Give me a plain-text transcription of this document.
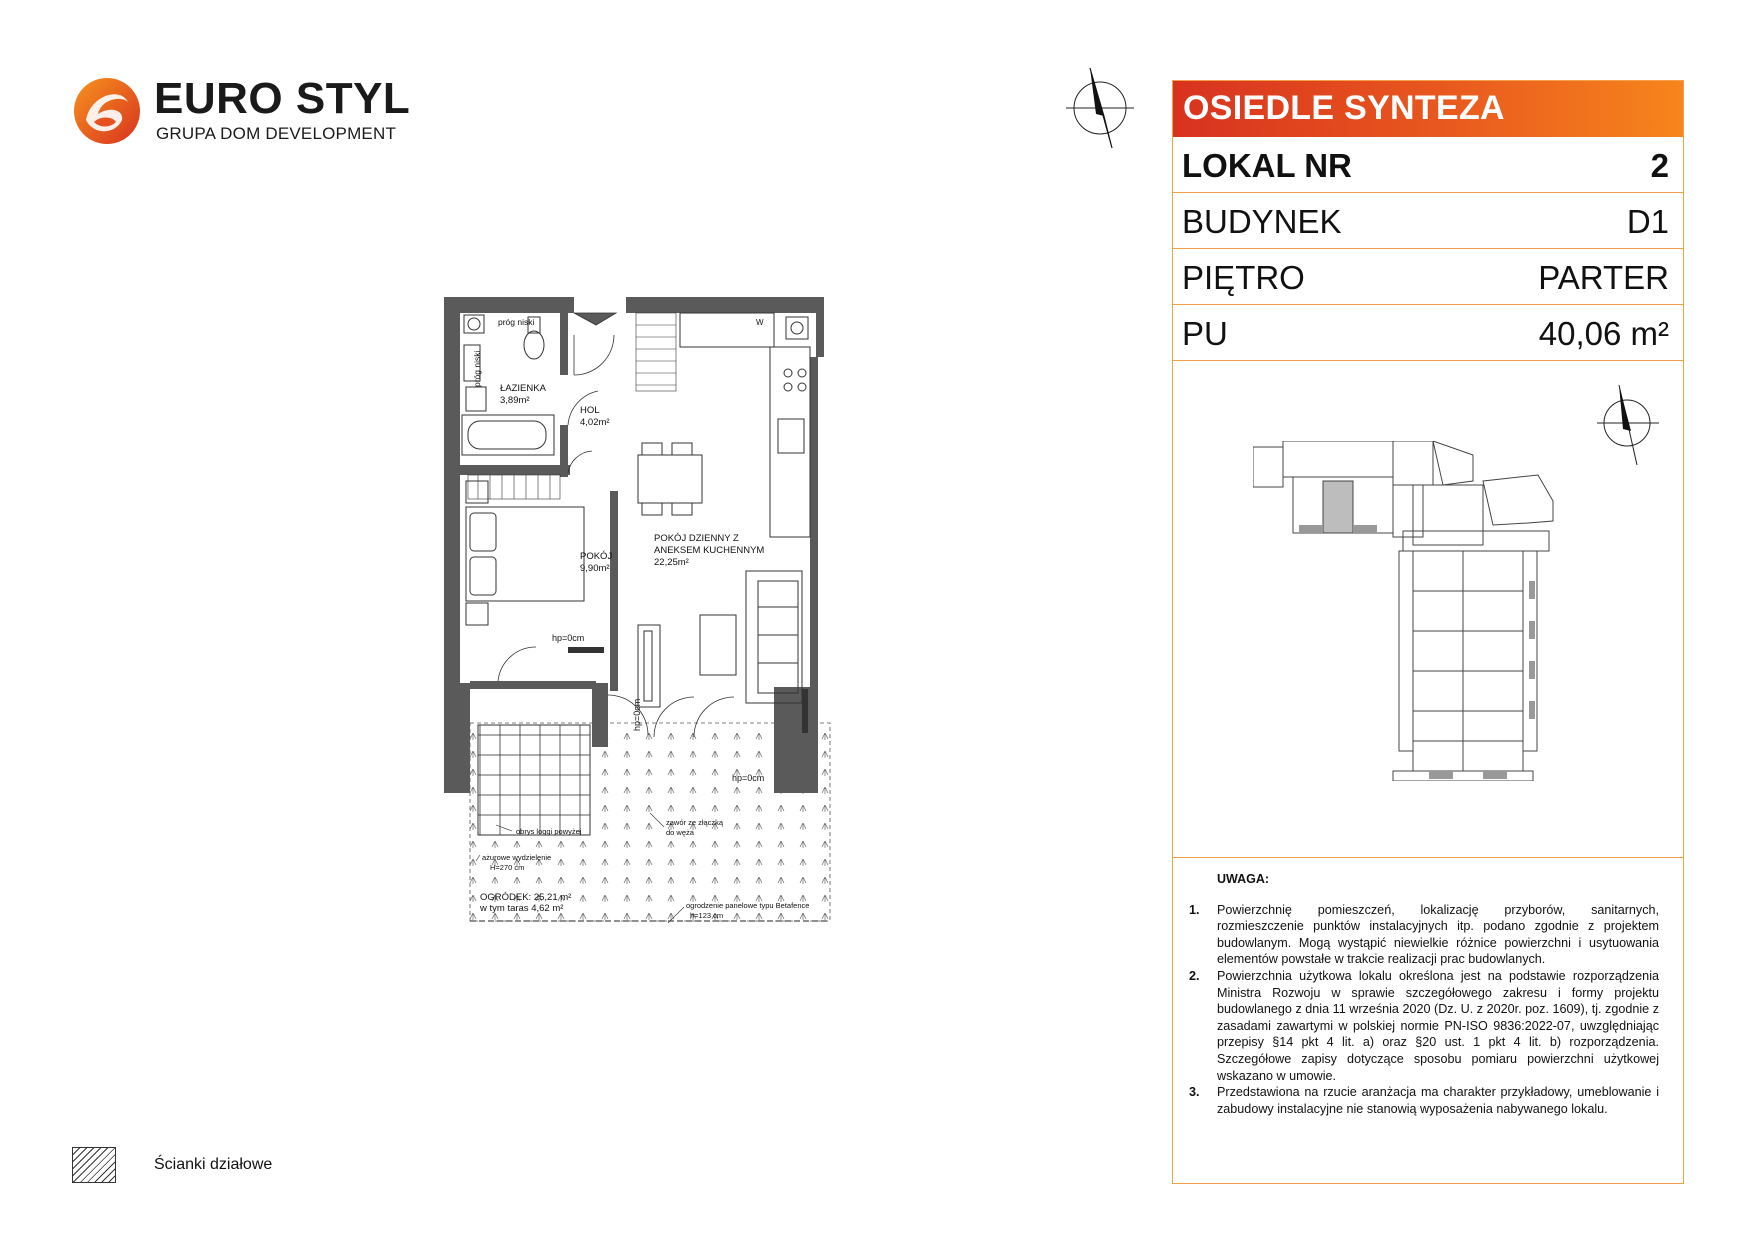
EURO STYL
GRUPA DOM DEVELOPMENT
OSIEDLE SYNTEZA
LOKAL NR	2
BUDYNEK	D1
PIĘTRO	PARTER
PU	40,06 m²
UWAGA:
1. Powierzchnię pomieszczeń, lokalizację przyborów, sanitarnych, rozmieszczenie punktów instalacyjnych itp. podano zgodnie z projektem budowlanym. Mogą wystąpić niewielkie różnice powierzchni i usytuowania elementów powstałe w trakcie realizacji prac budowlanych.
2. Powierzchnia użytkowa lokalu określona jest na podstawie rozporządzenia Ministra Rozwoju w sprawie szczegółowego zakresu i formy projektu budowlanego z dnia 11 września 2020 (Dz. U. z 2020r. poz. 1609), tj. zgodnie z zasadami zawartymi w polskiej normie PN-ISO 9836:2022-07, uwzględniając przepisy §14 pkt 4 lit. a) oraz §20 ust. 1 pkt 4 lit. b) rozporządzenia. Szczegółowe zapisy dotyczące sposobu pomiaru powierzchni użytkowej wskazano w umowie.
3. Przedstawiona na rzucie aranżacja ma charakter przykładowy, umeblowanie i zabudowy instalacyjne nie stanowią wyposażenia nabywanego lokalu.
ŁAZIENKA
3,89m²
HOL
4,02m²
POKÓJ
9,90m²
POKÓJ DZIENNY Z
ANEKSEM KUCHENNYM
22,25m²
OGRÓDEK: 25,21 m²
w tym taras 4,62 m²
próg niski
próg niski
hp=0cm
hp=0cm
hp=0cm
W
obrys loggi powyżej
ażurowe wydzielenie
H=270 cm
zawór ze złączką
do węża
ogrodzenie panelowe typu Betafence
h=123 cm
Ścianki działowe
